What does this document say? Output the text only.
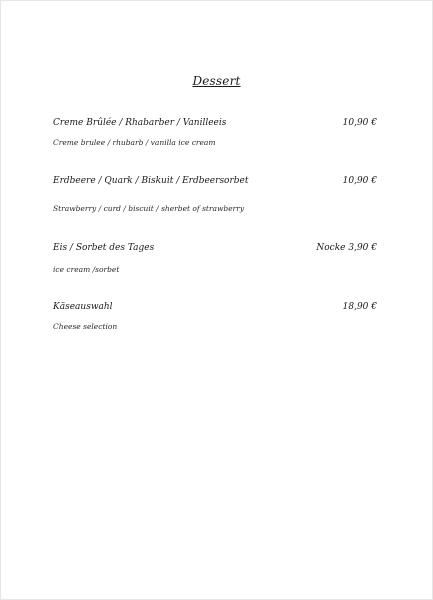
Dessert
Creme Brûlée / Rhabarber / Vanilleeis	10,90 €
Creme brulee / rhubarb / vanilla ice cream
Erdbeere / Quark / Biskuit / Erdbeersorbet	10,90 €
Strawberry / curd / biscuit / sherbet of strawberry
Eis / Sorbet des Tages	Nocke 3,90 €
ice cream /sorbet
Käseauswahl	18,90 €
Cheese selection
